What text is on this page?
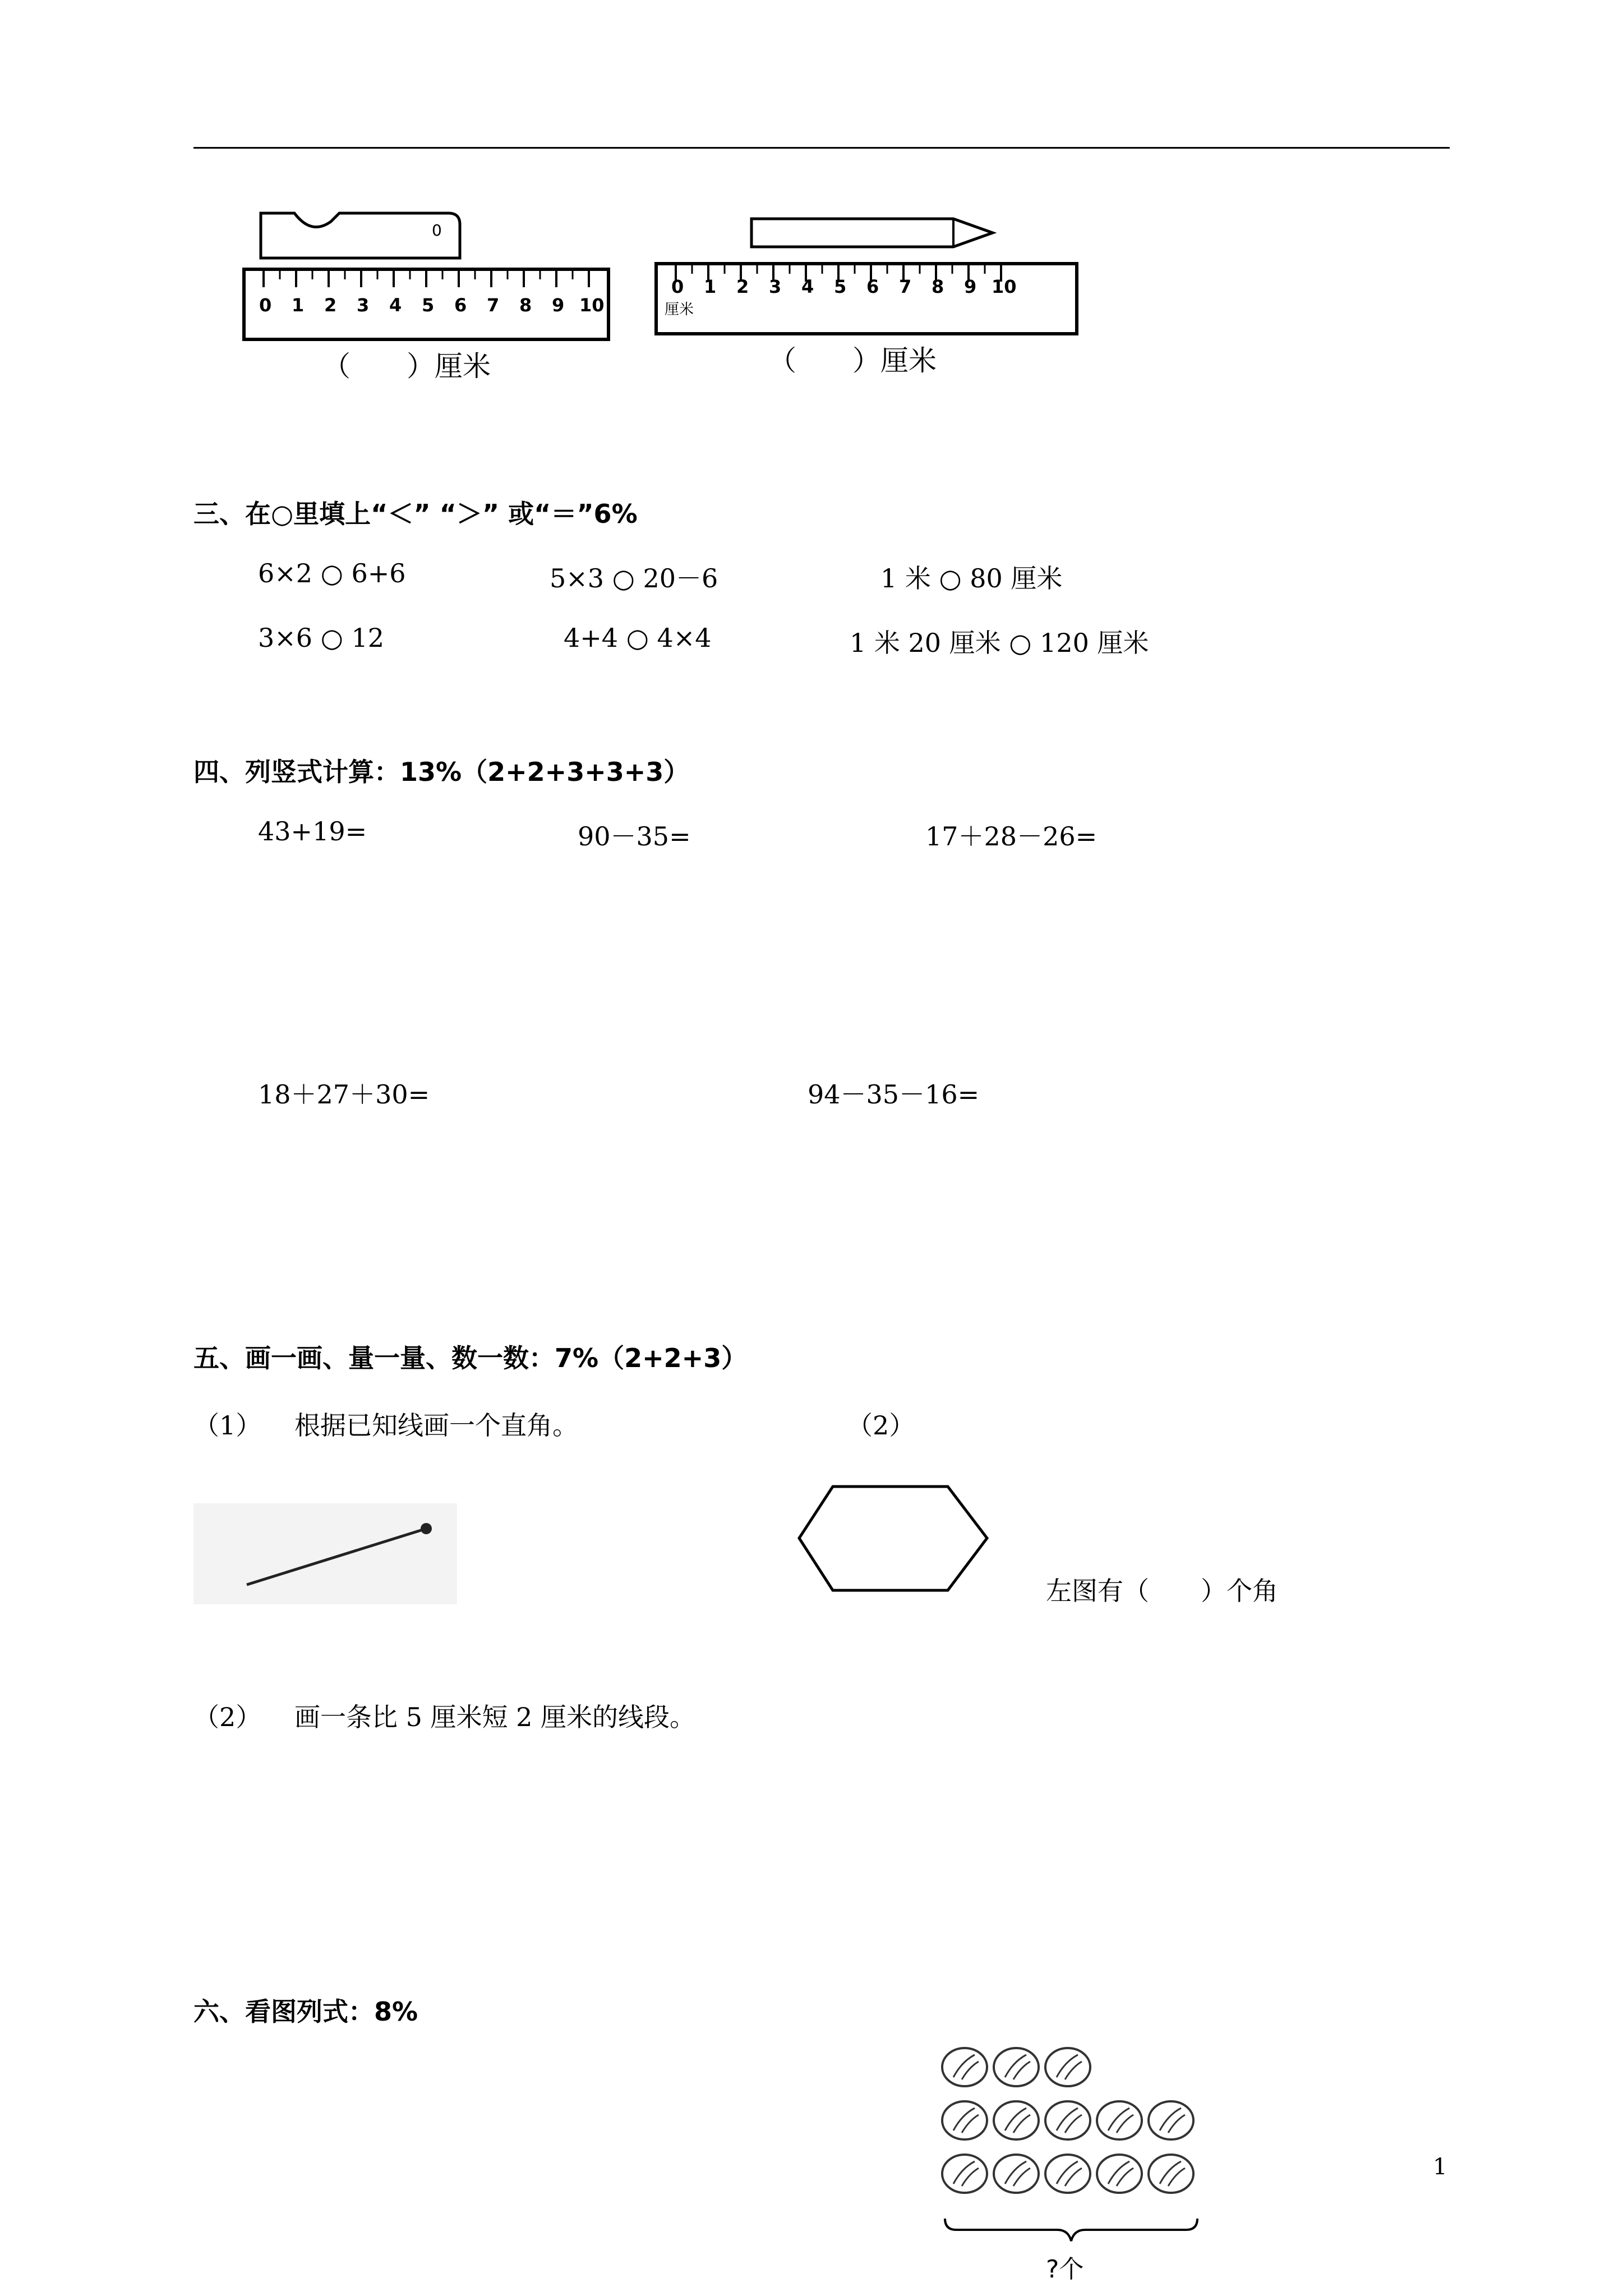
0
0 1 2 3 4 5 6 7 8 9 10
（　　）厘米
0 1 2 3 4 5 6 7 8 9 10
厘米
（　　）厘米
三、在○里填上“＜” “＞” 或“＝”6%
6×2 ○ 6+6	5×3 ○ 20－6	1 米 ○ 80 厘米
3×6 ○ 12	4+4 ○ 4×4	1 米 20 厘米 ○ 120 厘米
四、列竖式计算：13%（2+2+3+3+3）
43+19=	90－35=	17＋28－26=
18＋27＋30=	94－35－16=
五、画一画、量一量、数一数：7%（2+2+3）
（1） 根据已知线画一个直角。	（2）
左图有（　　）个角
（2） 画一条比 5 厘米短 2 厘米的线段。
六、看图列式：8%
?个
1
